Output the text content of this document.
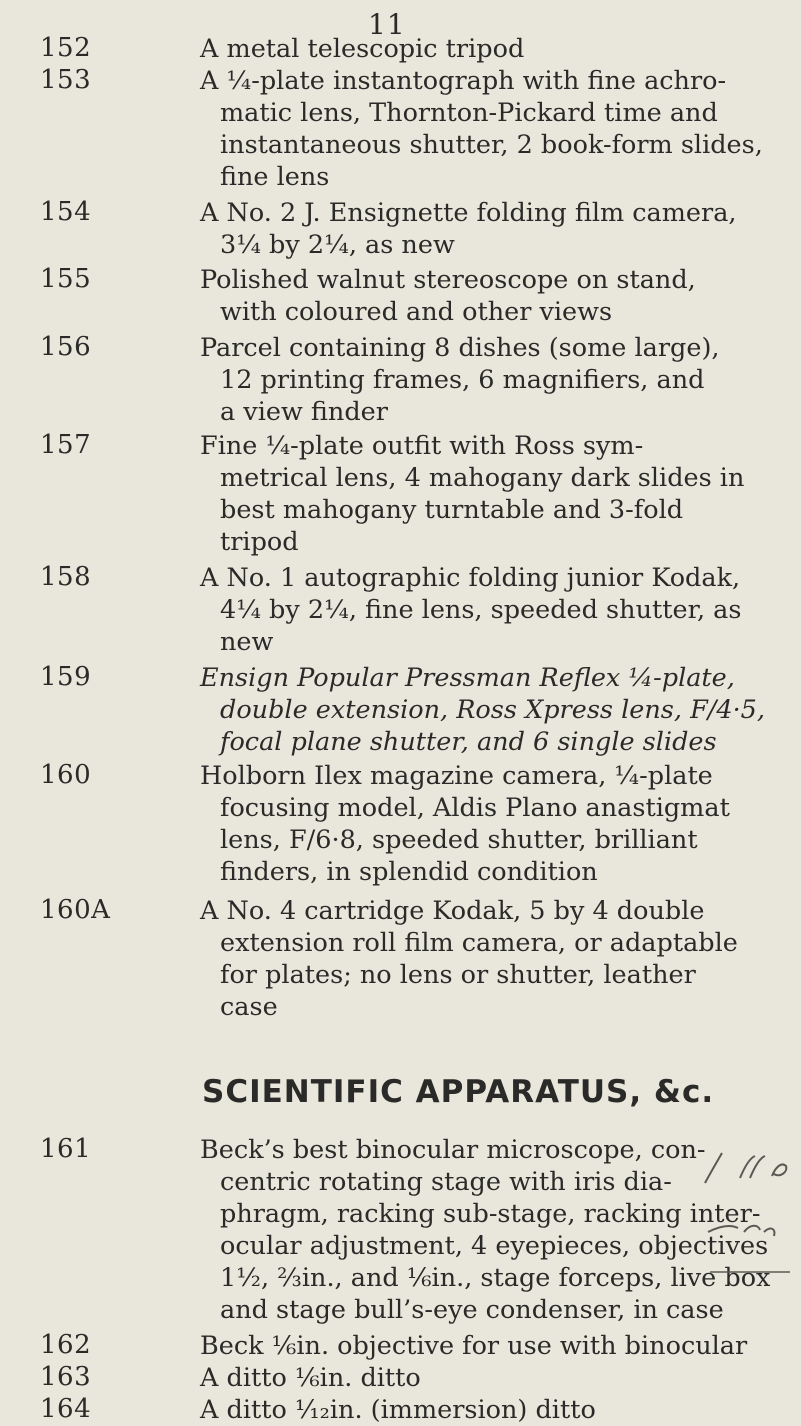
11
152	A metal telescopic tripod
153	A ¼-plate instantograph with fine achro-
matic lens, Thornton-Pickard time and
instantaneous shutter, 2 book-form slides,
fine lens
154	A No. 2 J. Ensignette folding film camera,
3¼ by 2¼, as new
155	Polished walnut stereoscope on stand,
with coloured and other views
156	Parcel containing 8 dishes (some large),
12 printing frames, 6 magnifiers, and
a view finder
157	Fine ¼-plate outfit with Ross sym-
metrical lens, 4 mahogany dark slides in
best mahogany turntable and 3-fold
tripod
158	A No. 1 autographic folding junior Kodak,
4¼ by 2¼, fine lens, speeded shutter, as
new
159	Ensign Popular Pressman Reflex ¼-plate,
double extension, Ross Xpress lens, F/4·5,
focal plane shutter, and 6 single slides
160	Holborn Ilex magazine camera, ¼-plate
focusing model, Aldis Plano anastigmat
lens, F/6·8, speeded shutter, brilliant
finders, in splendid condition
160A	A No. 4 cartridge Kodak, 5 by 4 double
extension roll film camera, or adaptable
for plates; no lens or shutter, leather
case
SCIENTIFIC APPARATUS, &c.
161	Beck’s best binocular microscope, con-
centric rotating stage with iris dia-
phragm, racking sub-stage, racking inter-
ocular adjustment, 4 eyepieces, objectives
1½, ⅔in., and ⅙in., stage forceps, live box
and stage bull’s-eye condenser, in case
162	Beck ⅙in. objective for use with binocular
163	A ditto ⅙in. ditto
164	A ditto ⅟₁₂in. (immersion) ditto
